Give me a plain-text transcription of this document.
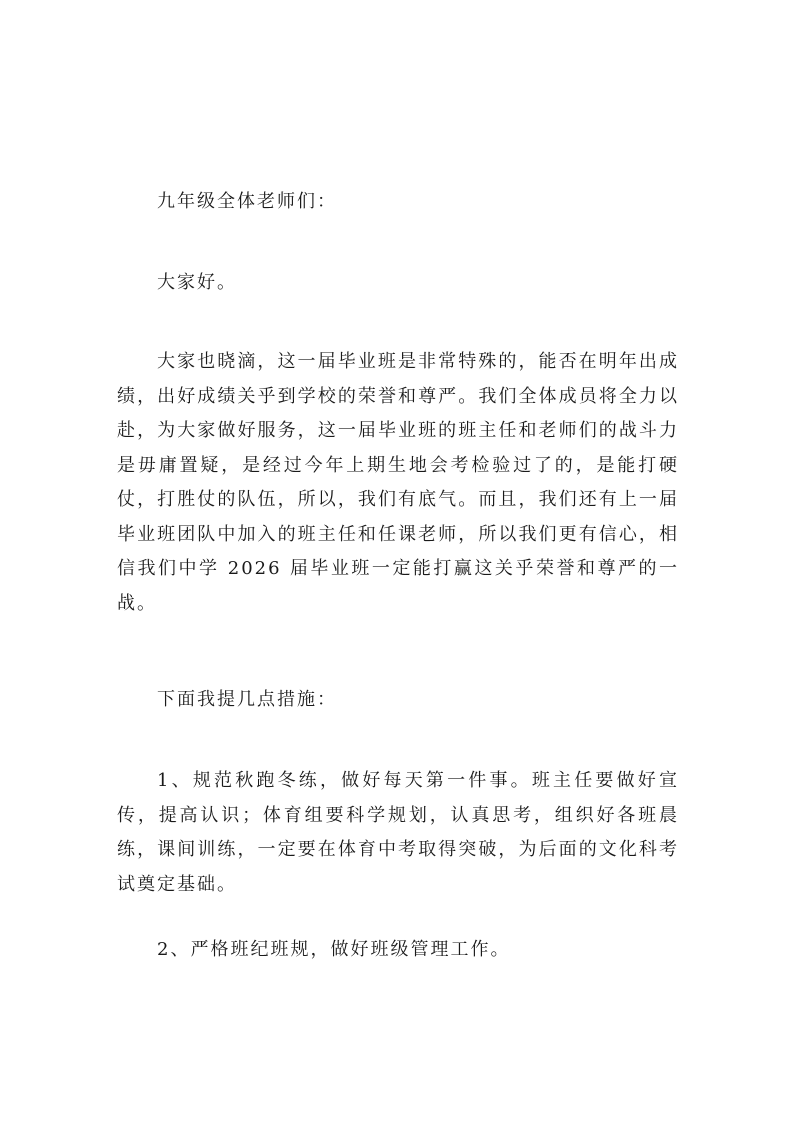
九年级全体老师们：

大家好。

大家也晓滴，这一届毕业班是非常特殊的，能否在明年出成绩，出好成绩关乎到学校的荣誉和尊严。我们全体成员将全力以赴，为大家做好服务，这一届毕业班的班主任和老师们的战斗力是毋庸置疑，是经过今年上期生地会考检验过了的，是能打硬仗，打胜仗的队伍，所以，我们有底气。而且，我们还有上一届毕业班团队中加入的班主任和任课老师，所以我们更有信心，相信我们中学 2026 届毕业班一定能打赢这关乎荣誉和尊严的一战。

下面我提几点措施：

1、规范秋跑冬练，做好每天第一件事。班主任要做好宣传，提高认识；体育组要科学规划，认真思考，组织好各班晨练，课间训练，一定要在体育中考取得突破，为后面的文化科考试奠定基础。

2、严格班纪班规，做好班级管理工作。
